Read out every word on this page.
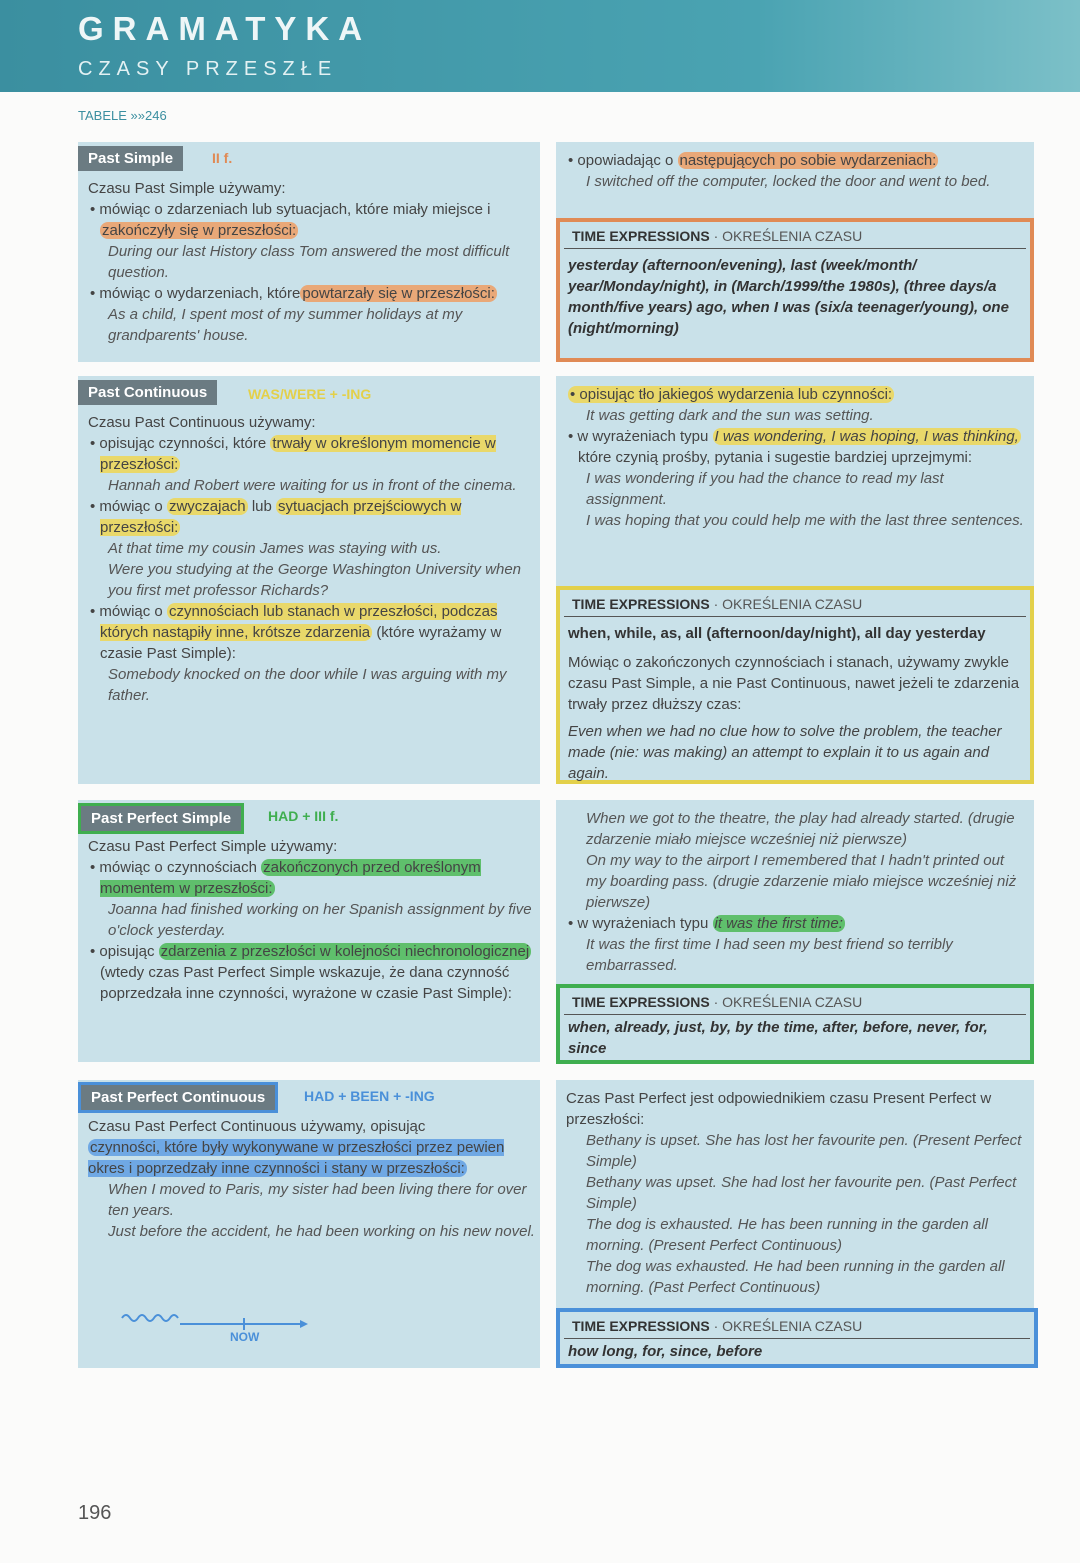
GRAMATYKA
CZASY PRZESZŁE
TABELE »»246
Past Simple	II f.

Czasu Past Simple używamy:

• mówiąc o zdarzeniach lub sytuacjach, które miały miejsce i zakończyły się w przeszłości:

During our last History class Tom answered the most difficult question.

• mówiąc o wydarzeniach, które powtarzały się w przeszłości:

As a child, I spent most of my summer holidays at my grandparents' house.

• opowiadając o następujących po sobie wydarzeniach:

I switched off the computer, locked the door and went to bed.

TIME EXPRESSIONS · OKREŚLENIA CZASU
yesterday (afternoon/evening), last (week/month/ year/Monday/night), in (March/1999/the 1980s), (three days/a month/five years) ago, when I was (six/a teenager/young), one (night/morning)
Past Continuous	WAS/WERE + -ING

Czasu Past Continuous używamy:

• opisując czynności, które trwały w określonym momencie w przeszłości:

Hannah and Robert were waiting for us in front of the cinema.

• mówiąc o zwyczajach lub sytuacjach przejściowych w przeszłości:

At that time my cousin James was staying with us.

Were you studying at the George Washington University when you first met professor Richards?

• mówiąc o czynnościach lub stanach w przeszłości, podczas których nastąpiły inne, krótsze zdarzenia (które wyrażamy w czasie Past Simple):

Somebody knocked on the door while I was arguing with my father.

• opisując tło jakiegoś wydarzenia lub czynności:

It was getting dark and the sun was setting.

• w wyrażeniach typu I was wondering, I was hoping, I was thinking, które czynią prośby, pytania i sugestie bardziej uprzejmymi:

I was wondering if you had the chance to read my last assignment.

I was hoping that you could help me with the last three sentences.

TIME EXPRESSIONS · OKREŚLENIA CZASU
when, while, as, all (afternoon/day/night), all day yesterday

Mówiąc o zakończonych czynnościach i stanach, używamy zwykle czasu Past Simple, a nie Past Continuous, nawet jeżeli te zdarzenia trwały przez dłuższy czas:

Even when we had no clue how to solve the problem, the teacher made (nie: was making) an attempt to explain it to us again and again.

Past Perfect Simple	HAD + III f.

Czasu Past Perfect Simple używamy:

• mówiąc o czynnościach zakończonych przed określonym momentem w przeszłości:

Joanna had finished working on her Spanish assignment by five o'clock yesterday.

• opisując zdarzenia z przeszłości w kolejności niechronologicznej (wtedy czas Past Perfect Simple wskazuje, że dana czynność poprzedzała inne czynności, wyrażone w czasie Past Simple):

When we got to the theatre, the play had already started. (drugie zdarzenie miało miejsce wcześniej niż pierwsze)

On my way to the airport I remembered that I hadn't printed out my boarding pass. (drugie zdarzenie miało miejsce wcześniej niż pierwsze)

• w wyrażeniach typu it was the first time:

It was the first time I had seen my best friend so terribly embarrassed.

TIME EXPRESSIONS · OKREŚLENIA CZASU
when, already, just, by, by the time, after, before, never, for, since
Past Perfect Continuous	HAD + BEEN + -ING

Czasu Past Perfect Continuous używamy, opisując

czynności, które były wykonywane w przeszłości przez pewien okres i poprzedzały inne czynności i stany w przeszłości:

When I moved to Paris, my sister had been living there for over ten years.

Just before the accident, he had been working on his new novel.

NOW

Czas Past Perfect jest odpowiednikiem czasu Present Perfect w przeszłości:

Bethany is upset. She has lost her favourite pen. (Present Perfect Simple)

Bethany was upset. She had lost her favourite pen. (Past Perfect Simple)

The dog is exhausted. He has been running in the garden all morning. (Present Perfect Continuous)

The dog was exhausted. He had been running in the garden all morning. (Past Perfect Continuous)

TIME EXPRESSIONS · OKREŚLENIA CZASU
how long, for, since, before
196
